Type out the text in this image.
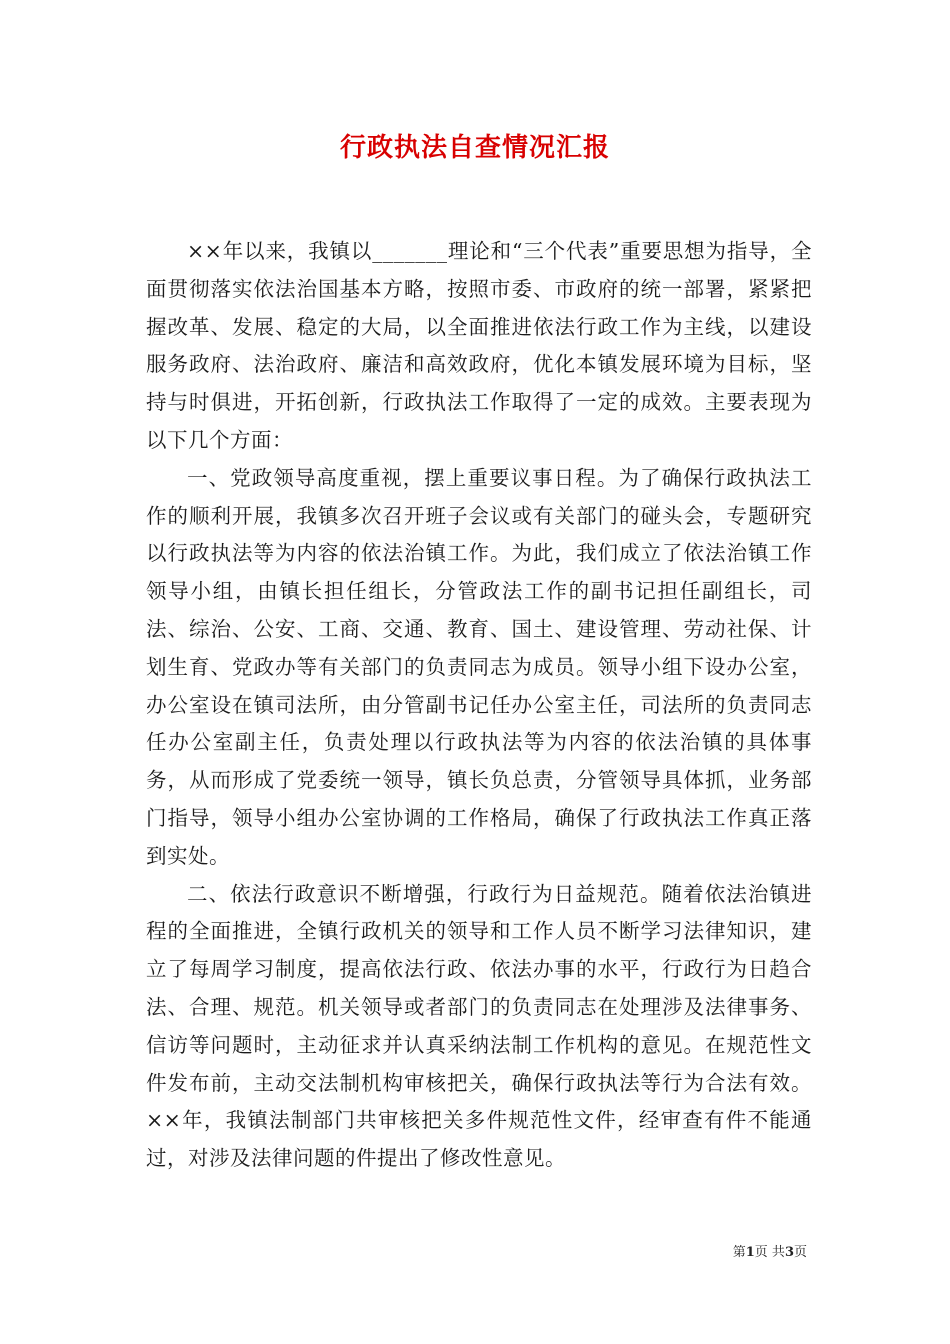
行政执法自查情况汇报

××年以来，我镇以_______理论和“三个代表”重要思想为指导，全面贯彻落实依法治国基本方略，按照市委、市政府的统一部署，紧紧把握改革、发展、稳定的大局，以全面推进依法行政工作为主线，以建设服务政府、法治政府、廉洁和高效政府，优化本镇发展环境为目标，坚持与时俱进，开拓创新，行政执法工作取得了一定的成效。主要表现为以下几个方面：

一、党政领导高度重视，摆上重要议事日程。为了确保行政执法工作的顺利开展，我镇多次召开班子会议或有关部门的碰头会，专题研究以行政执法等为内容的依法治镇工作。为此，我们成立了依法治镇工作领导小组，由镇长担任组长，分管政法工作的副书记担任副组长，司法、综治、公安、工商、交通、教育、国土、建设管理、劳动社保、计划生育、党政办等有关部门的负责同志为成员。领导小组下设办公室，办公室设在镇司法所，由分管副书记任办公室主任，司法所的负责同志任办公室副主任，负责处理以行政执法等为内容的依法治镇的具体事务，从而形成了党委统一领导，镇长负总责，分管领导具体抓，业务部门指导，领导小组办公室协调的工作格局，确保了行政执法工作真正落到实处。

二、依法行政意识不断增强，行政行为日益规范。随着依法治镇进程的全面推进，全镇行政机关的领导和工作人员不断学习法律知识，建立了每周学习制度，提高依法行政、依法办事的水平，行政行为日趋合法、合理、规范。机关领导或者部门的负责同志在处理涉及法律事务、信访等问题时，主动征求并认真采纳法制工作机构的意见。在规范性文件发布前，主动交法制机构审核把关，确保行政执法等行为合法有效。××年，我镇法制部门共审核把关多件规范性文件，经审查有件不能通过，对涉及法律问题的件提出了修改性意见。

第1页 共3页
